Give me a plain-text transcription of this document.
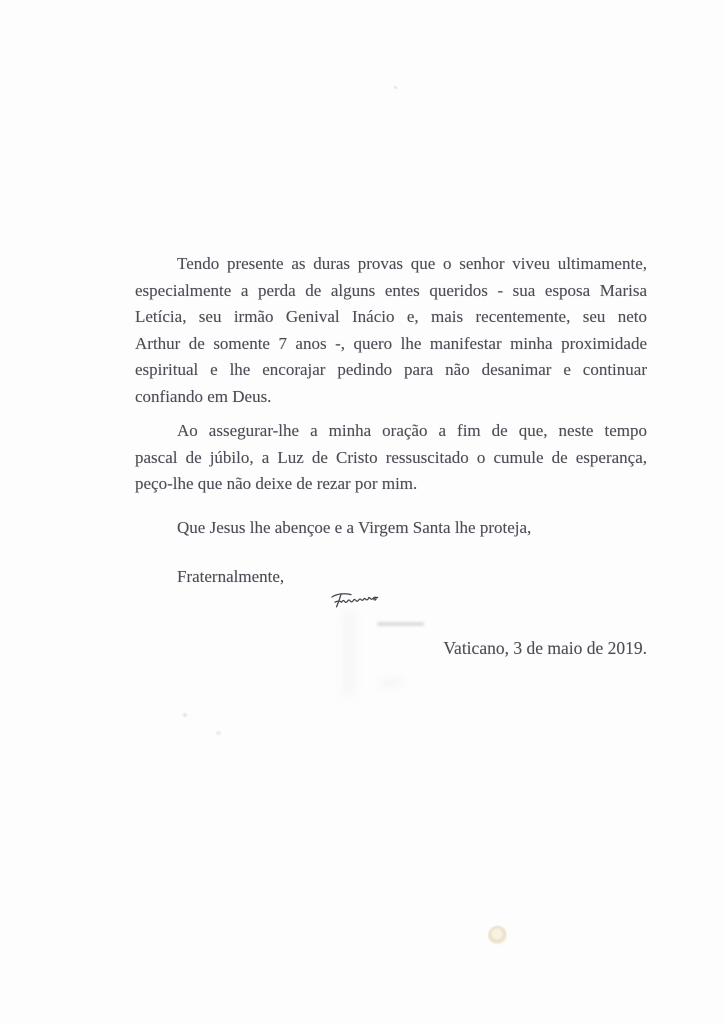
Tendo presente as duras provas que o senhor viveu ultimamente,
especialmente a perda de alguns entes queridos - sua esposa Marisa
Letícia, seu irmão Genival Inácio e, mais recentemente, seu neto
Arthur de somente 7 anos -, quero lhe manifestar minha proximidade
espiritual e lhe encorajar pedindo para não desanimar e continuar
confiando em Deus.
Ao assegurar-lhe a minha oração a fim de que, neste tempo
pascal de júbilo, a Luz de Cristo ressuscitado o cumule de esperança,
peço-lhe que não deixe de rezar por mim.
Que Jesus lhe abençoe e a Virgem Santa lhe proteja,
Fraternalmente,
Vaticano, 3 de maio de 2019.
